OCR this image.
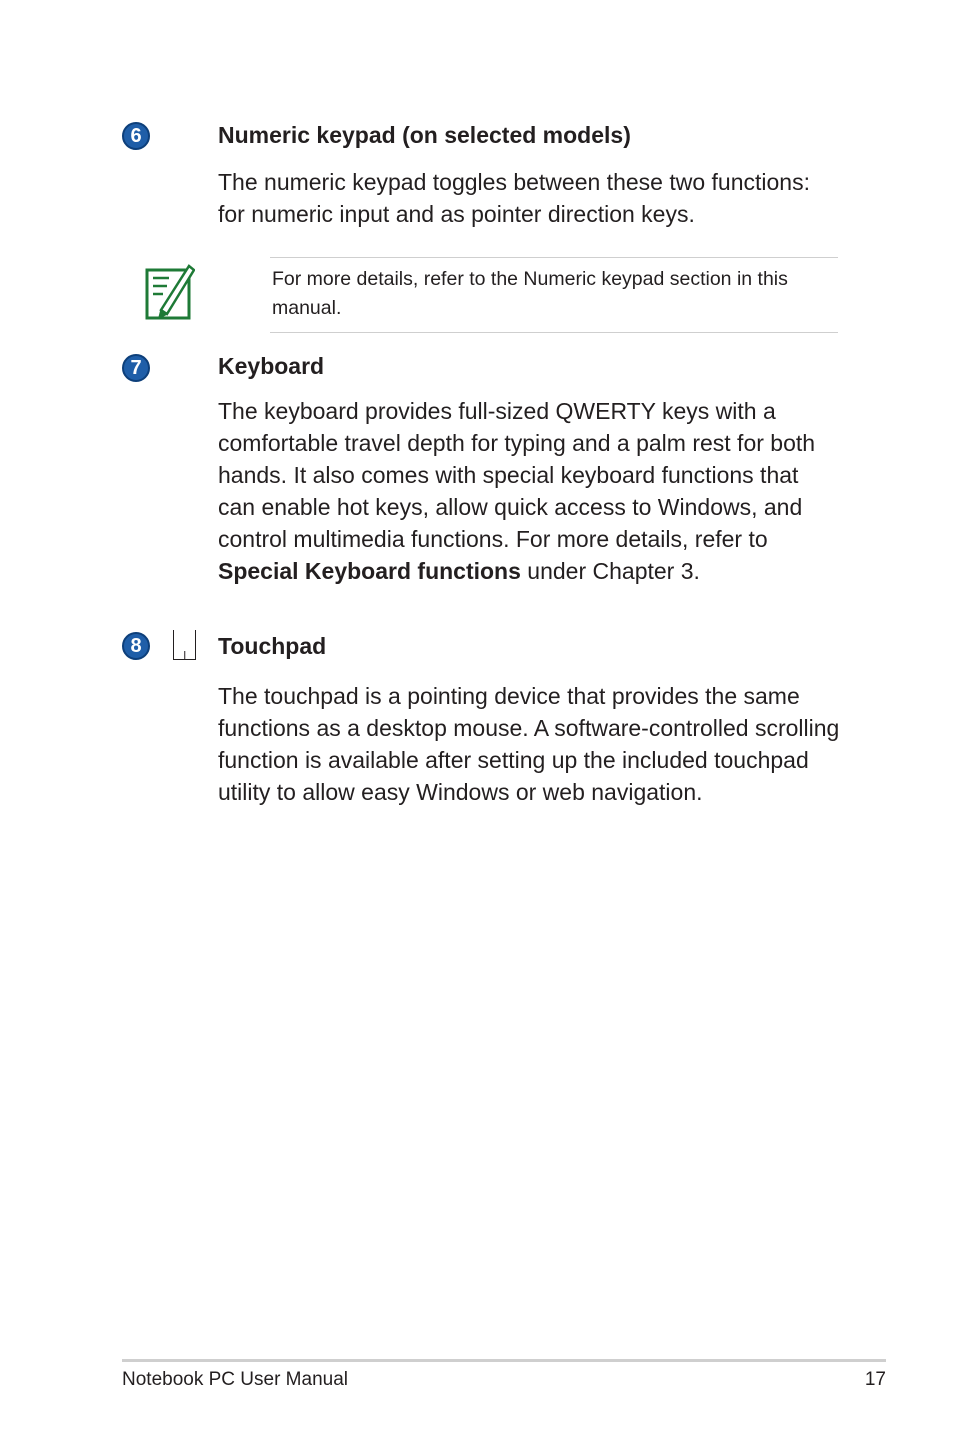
6	Numeric keypad (on selected models)

The numeric keypad toggles between these two functions: for numeric input and as pointer direction keys.

For more details, refer to the Numeric keypad section in this manual.

7	Keyboard

The keyboard provides full-sized QWERTY keys with a comfortable travel depth for typing and a palm rest for both hands. It also comes with special keyboard functions that can enable hot keys, allow quick access to Windows, and control multimedia functions. For more details, refer to Special Keyboard functions under Chapter 3.

8	Touchpad

The touchpad is a pointing device that provides the same functions as a desktop mouse. A software-controlled scrolling function is available after setting up the included touchpad utility to allow easy Windows or web navigation.

Notebook PC User Manual	17
